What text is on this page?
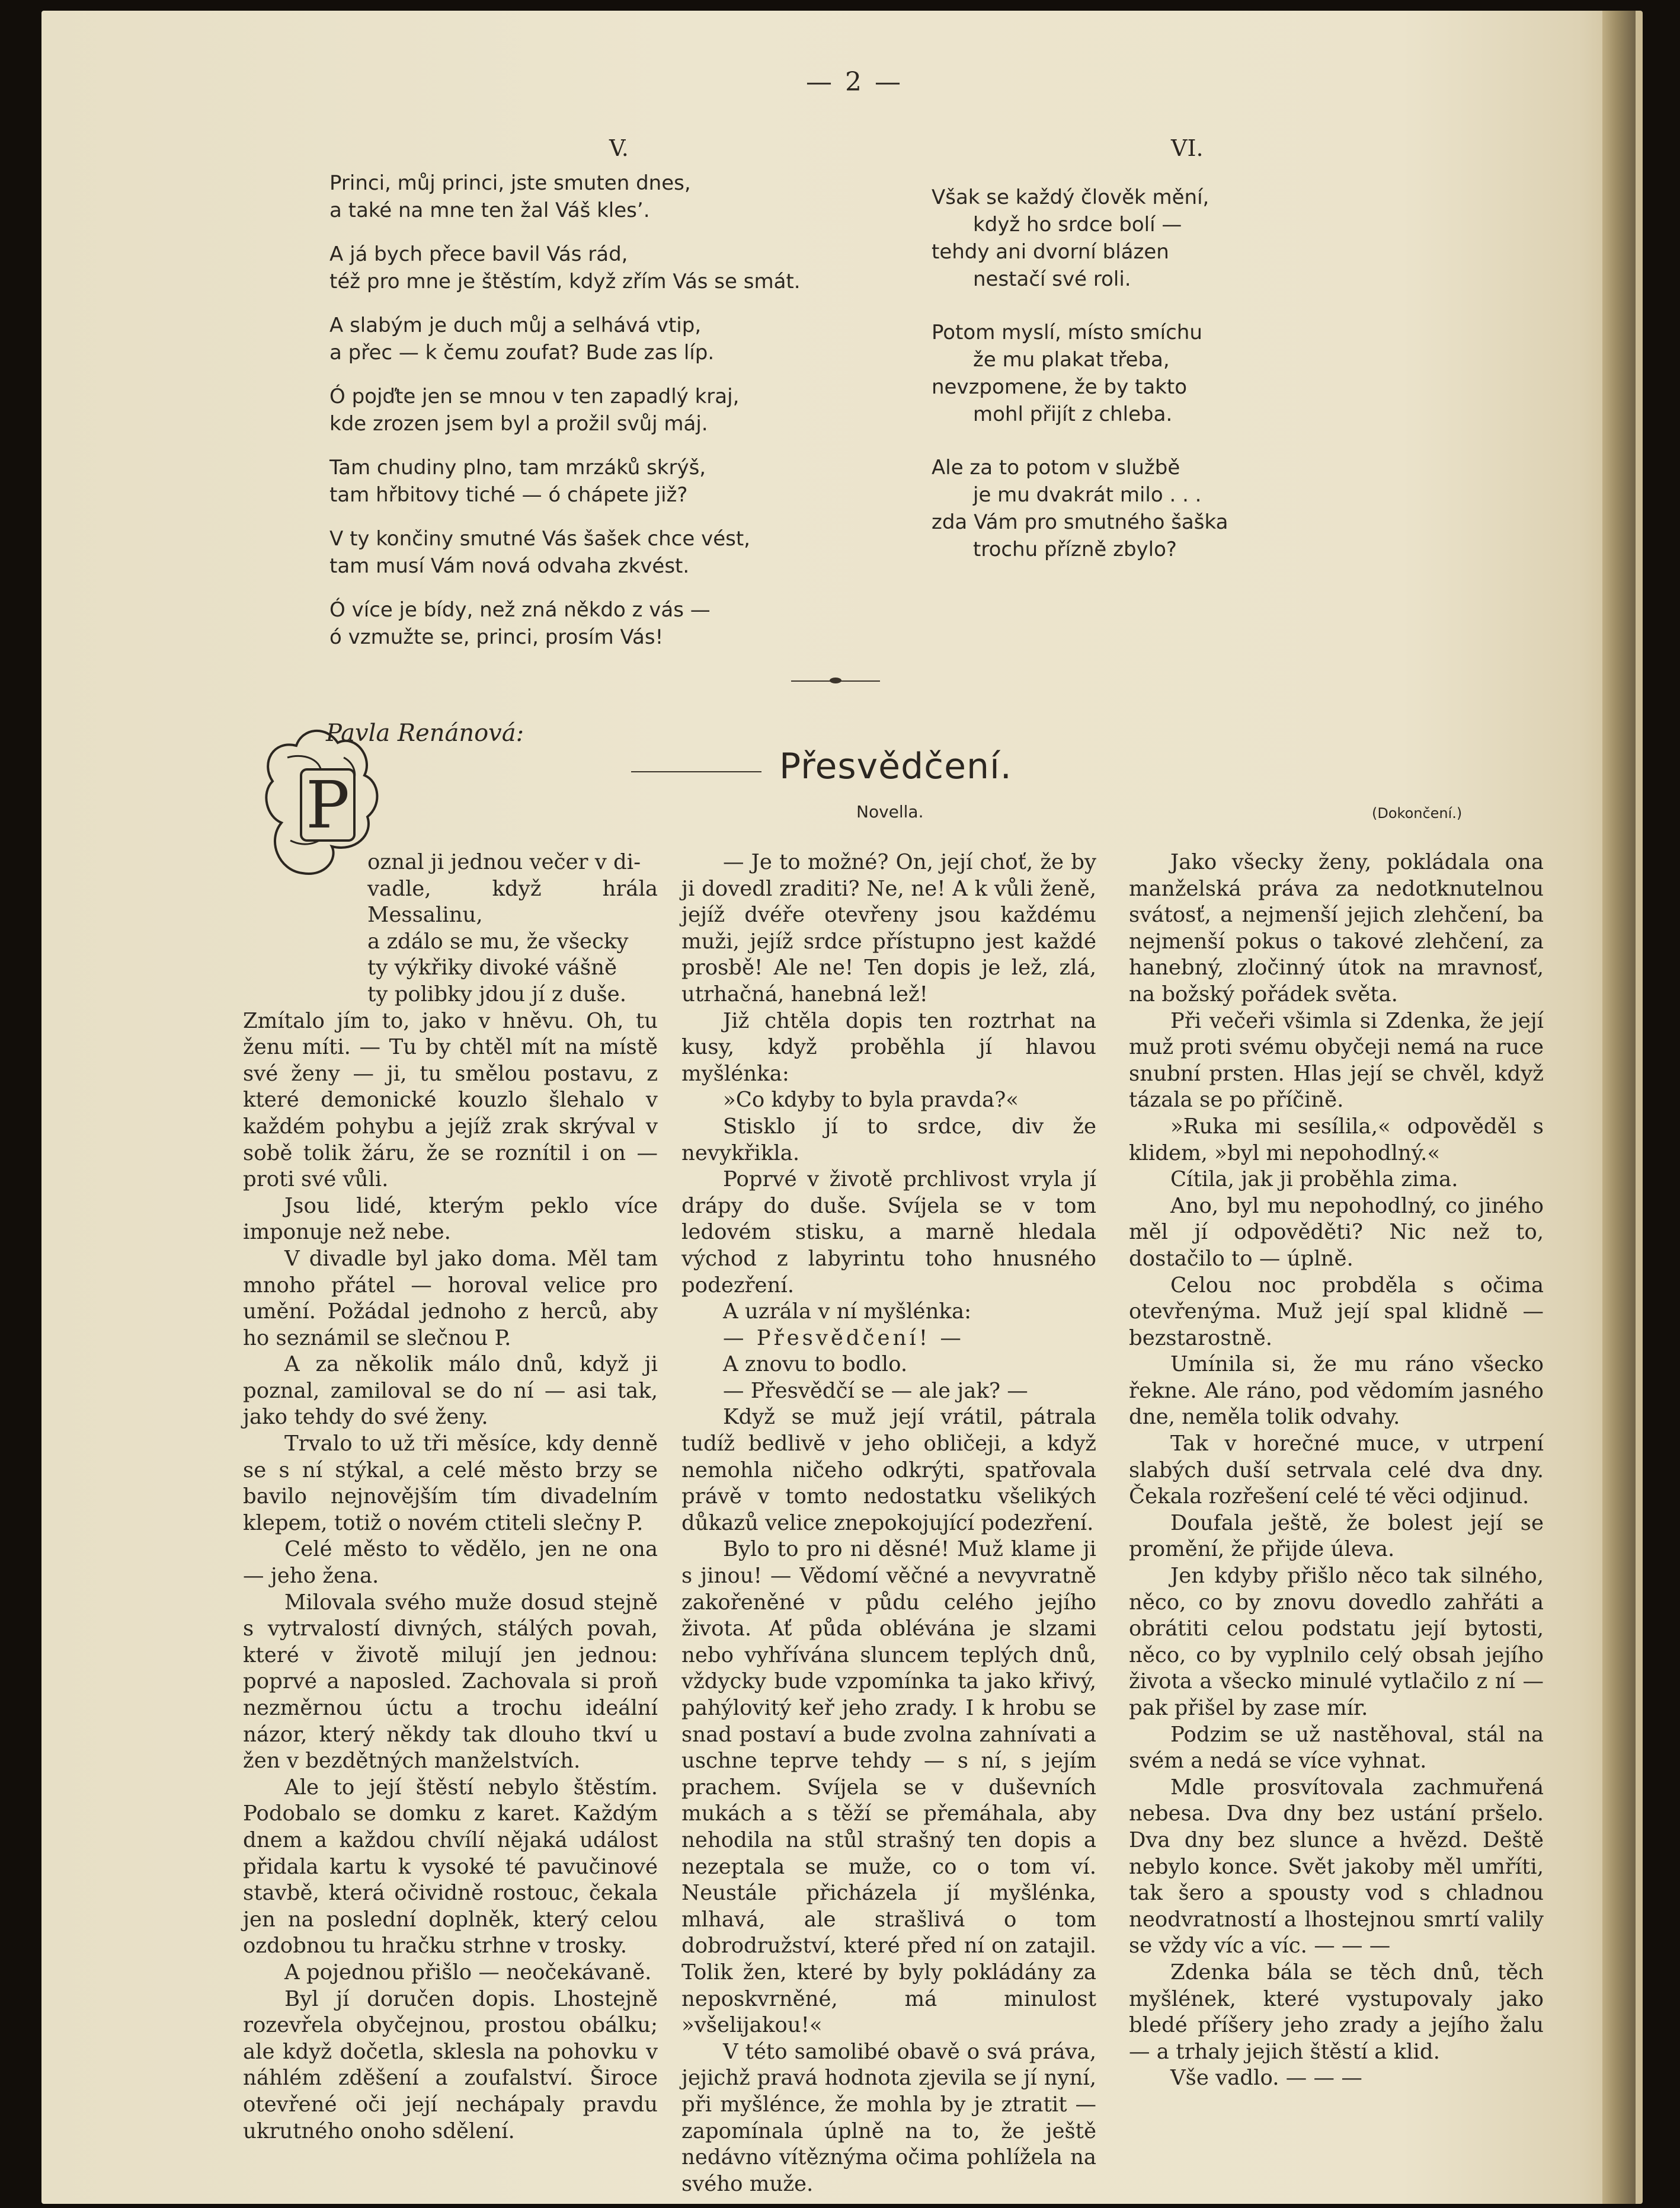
— 2 —
V.
Princi, můj princi, jste smuten dnes,
a také na mne ten žal Váš kles’.
A já bych přece bavil Vás rád,
též pro mne je štěstím, když zřím Vás se smát.
A slabým je duch můj a selhává vtip,
a přec — k čemu zoufat? Bude zas líp.
Ó pojďte jen se mnou v ten zapadlý kraj,
kde zrozen jsem byl a prožil svůj máj.
Tam chudiny plno, tam mrzáků skrýš,
tam hřbitovy tiché — ó chápete již?
V ty končiny smutné Vás šašek chce vést,
tam musí Vám nová odvaha zkvést.
Ó více je bídy, než zná někdo z vás —
ó vzmužte se, princi, prosím Vás!
VI.
Však se každý člověk mění,
když ho srdce bolí —
tehdy ani dvorní blázen
nestačí své roli.
Potom myslí, místo smíchu
že mu plakat třeba,
nevzpomene, že by takto
mohl přijít z chleba.
Ale za to potom v službě
je mu dvakrát milo . . .
zda Vám pro smutného šaška
trochu přízně zbylo?
P
Pavla Renánová:
Přesvědčení.
Novella.	(Dokončení.)
oznal ji jednou večer v di-
vadle, když hrála Messalinu,
a zdálo se mu, že všecky
ty výkřiky divoké vášně
ty polibky jdou jí z duše.

Zmítalo jím to, jako v hněvu. Oh, tu ženu míti. — Tu by chtěl mít na místě své ženy — ji, tu smělou postavu, z které demonické kouzlo šlehalo v každém pohybu a jejíž zrak skrýval v sobě tolik žáru, že se roznítil i on — proti své vůli.

Jsou lidé, kterým peklo více imponuje než nebe.

V divadle byl jako doma. Měl tam mnoho přátel — horoval velice pro umění. Požádal jednoho z herců, aby ho seznámil se slečnou P.

A za několik málo dnů, když ji poznal, zamiloval se do ní — asi tak, jako tehdy do své ženy.

Trvalo to už tři měsíce, kdy denně se s ní stýkal, a celé město brzy se bavilo nejnovějším tím divadelním klepem, totiž o novém ctiteli slečny P.

Celé město to vědělo, jen ne ona — jeho žena.

Milovala svého muže dosud stejně s vytrvalostí divných, stálých povah, které v životě milují jen jednou: poprvé a naposled. Zachovala si proň nezměrnou úctu a trochu ideální názor, který někdy tak dlouho tkví u žen v bezdětných manželstvích.

Ale to její štěstí nebylo štěstím. Podobalo se domku z karet. Každým dnem a každou chvílí nějaká událost přidala kartu k vysoké té pavučinové stavbě, která očividně rostouc, čekala jen na poslední doplněk, který celou ozdobnou tu hračku strhne v trosky.

A pojednou přišlo — neočekávaně.

Byl jí doručen dopis. Lhostejně rozevřela obyčejnou, prostou obálku; ale když dočetla, sklesla na pohovku v náhlém zděšení a zoufalství. Široce otevřené oči její nechápaly pravdu ukrutného onoho sdělení.

— Je to možné? On, její choť, že by ji dovedl zraditi? Ne, ne! A k vůli ženě, jejíž dvéře otevřeny jsou každému muži, jejíž srdce přístupno jest každé prosbě! Ale ne! Ten dopis je lež, zlá, utrhačná, hanebná lež!

Již chtěla dopis ten roztrhat na kusy, když proběhla jí hlavou myšlénka:

»Co kdyby to byla pravda?«

Stisklo jí to srdce, div že nevykřikla.

Poprvé v životě prchlivost vryla jí drápy do duše. Svíjela se v tom ledovém stisku, a marně hledala východ z labyrintu toho hnusného podezření.

A uzrála v ní myšlénka:

— Přesvědčení! —

A znovu to bodlo.

— Přesvědčí se — ale jak? —

Když se muž její vrátil, pátrala tudíž bedlivě v jeho obličeji, a když nemohla ničeho odkrýti, spatřovala právě v tomto nedostatku všelikých důkazů velice znepokojující podezření.

Bylo to pro ni děsné! Muž klame ji s jinou! — Vědomí věčné a nevyvratně zakořeněné v půdu celého jejího života. Ať půda oblévána je slzami nebo vyhřívána sluncem teplých dnů, vždycky bude vzpomínka ta jako křivý, pahýlovitý keř jeho zrady. I k hrobu se snad postaví a bude zvolna zahnívati a uschne teprve tehdy — s ní, s jejím prachem. Svíjela se v duševních mukách a s těží se přemáhala, aby nehodila na stůl strašný ten dopis a nezeptala se muže, co o tom ví. Neustále přicházela jí myšlénka, mlhavá, ale strašlivá o tom dobrodružství, které před ní on zatajil. Tolik žen, které by byly pokládány za neposkvrněné, má minulost »všelijakou!«

V této samolibé obavě o svá práva, jejichž pravá hodnota zjevila se jí nyní, při myšlénce, že mohla by je ztratit — zapomínala úplně na to, že ještě nedávno vítěznýma očima pohlížela na svého muže.

Jako všecky ženy, pokládala ona manželská práva za nedotknutelnou svátosť, a nejmenší jejich zlehčení, ba nejmenší pokus o takové zlehčení, za hanebný, zločinný útok na mravnosť, na božský pořádek světa.

Při večeři všimla si Zdenka, že její muž proti svému obyčeji nemá na ruce snubní prsten. Hlas její se chvěl, když tázala se po příčině.

»Ruka mi sesílila,« odpověděl s klidem, »byl mi nepohodlný.«

Cítila, jak ji proběhla zima.

Ano, byl mu nepohodlný, co jiného měl jí odpověděti? Nic než to, dostačilo to — úplně.

Celou noc probděla s očima otevřenýma. Muž její spal klidně — bezstarostně.

Umínila si, že mu ráno všecko řekne. Ale ráno, pod vědomím jasného dne, neměla tolik odvahy.

Tak v horečné muce, v utrpení slabých duší setrvala celé dva dny. Čekala rozřešení celé té věci odjinud.

Doufala ještě, že bolest její se promění, že přijde úleva.

Jen kdyby přišlo něco tak silného, něco, co by znovu dovedlo zahřáti a obrátiti celou podstatu její bytosti, něco, co by vyplnilo celý obsah jejího života a všecko minulé vytlačilo z ní — pak přišel by zase mír.

Podzim se už nastěhoval, stál na svém a nedá se více vyhnat.

Mdle prosvítovala zachmuřená nebesa. Dva dny bez ustání pršelo. Dva dny bez slunce a hvězd. Deště nebylo konce. Svět jakoby měl umříti, tak šero a spousty vod s chladnou neodvratností a lhostejnou smrtí valily se vždy víc a víc. — — —

Zdenka bála se těch dnů, těch myšlének, které vystupovaly jako bledé příšery jeho zrady a jejího žalu — a trhaly jejich štěstí a klid.

Vše vadlo. — — —
